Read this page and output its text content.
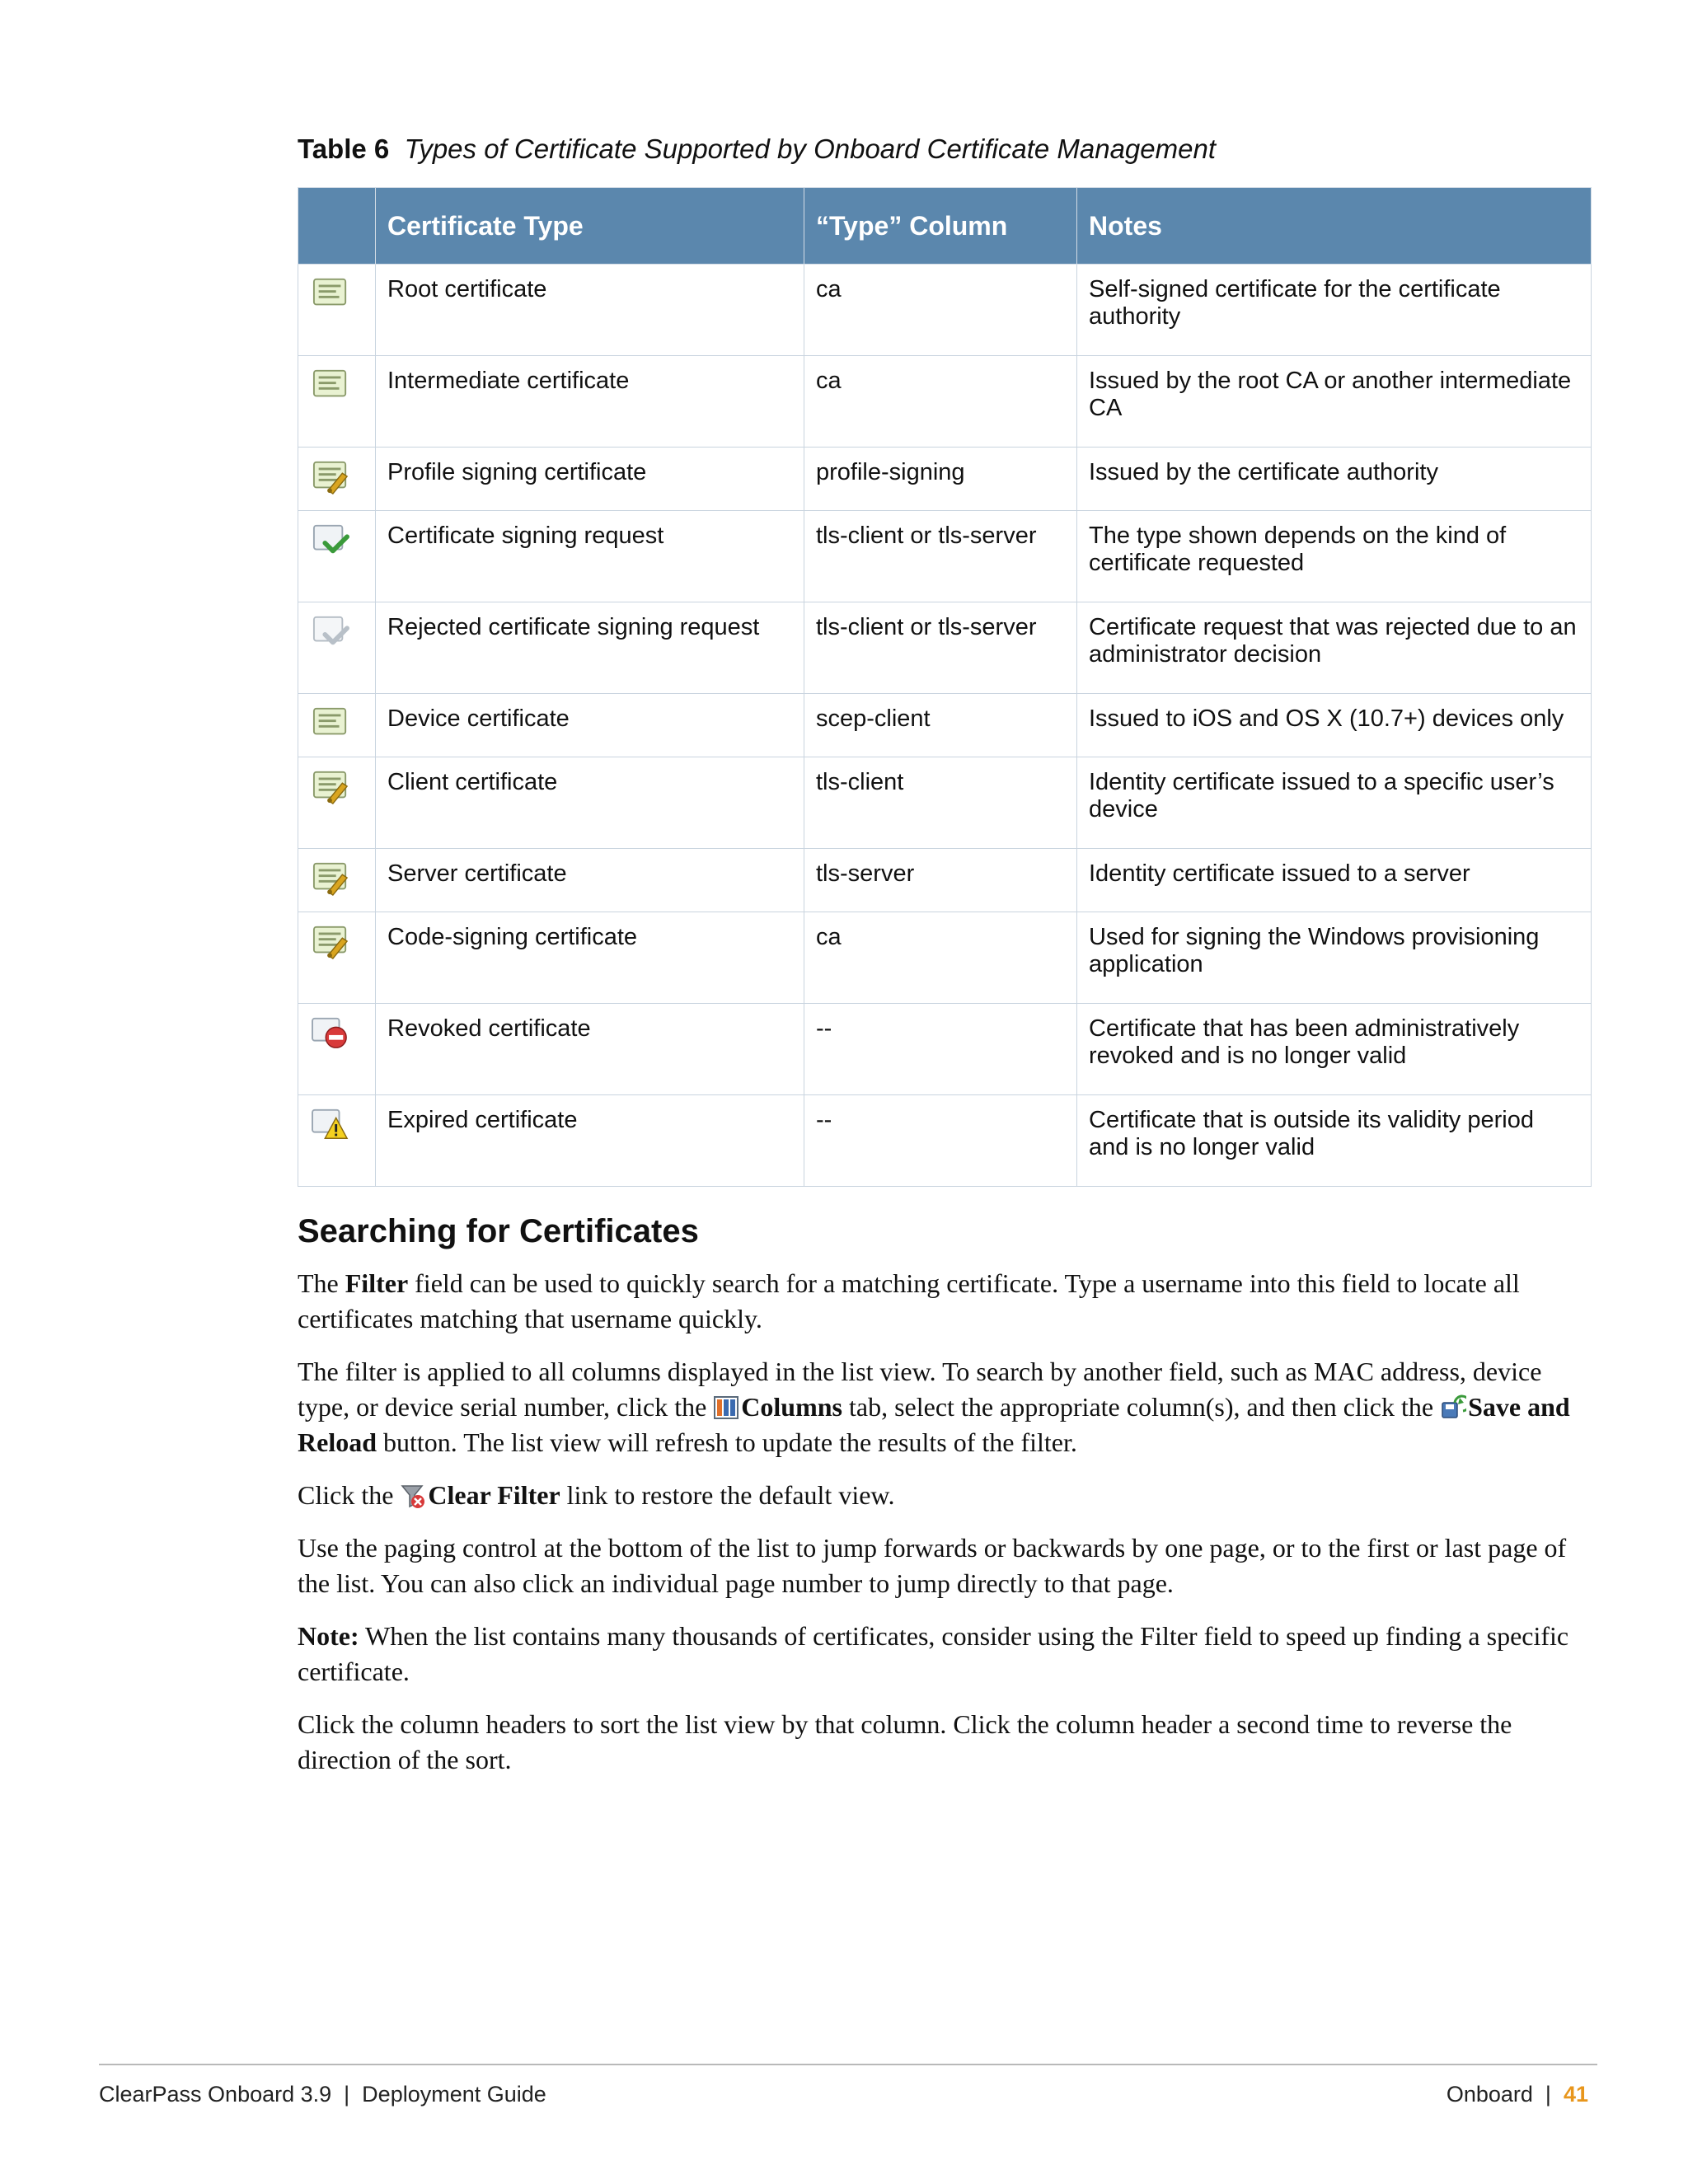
Table 6 Types of Certificate Supported by Onboard Certificate Management
	Certificate Type	“Type” Column	Notes

	Root certificate	ca	Self-signed certificate for the certificate authority

	Intermediate certificate	ca	Issued by the root CA or another intermediate CA

	Profile signing certificate	profile-signing	Issued by the certificate authority

	Certificate signing request	tls-client or tls-server	The type shown depends on the kind of certificate requested

	Rejected certificate signing request	tls-client or tls-server	Certificate request that was rejected due to an administrator decision

	Device certificate	scep-client	Issued to iOS and OS X (10.7+) devices only

	Client certificate	tls-client	Identity certificate issued to a specific user’s device

	Server certificate	tls-server	Identity certificate issued to a server

	Code-signing certificate	ca	Used for signing the Windows provisioning application

	Revoked certificate	--	Certificate that has been administratively revoked and is no longer valid

	Expired certificate	--	Certificate that is outside its validity period and is no longer valid
Searching for Certificates

The Filter field can be used to quickly search for a matching certificate. Type a username into this field to locate all certificates matching that username quickly.

The filter is applied to all columns displayed in the list view. To search by another field, such as MAC address, device type, or device serial number, click the Columns tab, select the appropriate column(s), and then click the Save and Reload button. The list view will refresh to update the results of the filter.

Click the Clear Filter link to restore the default view.

Use the paging control at the bottom of the list to jump forwards or backwards by one page, or to the first or last page of the list. You can also click an individual page number to jump directly to that page.

Note: When the list contains many thousands of certificates, consider using the Filter field to speed up finding a specific certificate.

Click the column headers to sort the list view by that column. Click the column header a second time to reverse the direction of the sort.

ClearPass Onboard 3.9  |  Deployment Guide	Onboard  |  41
